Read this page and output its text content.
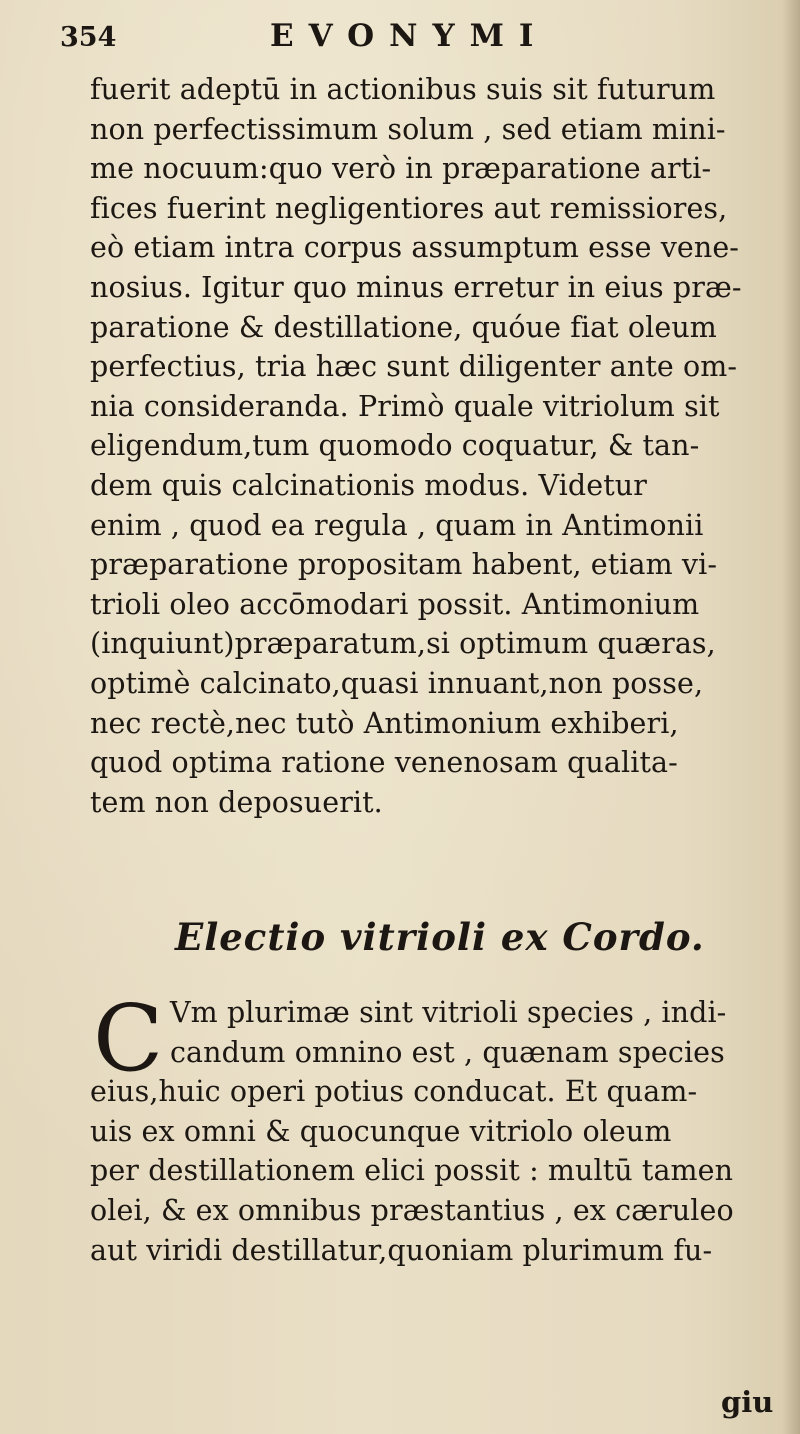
354	EVONYMI
fuerit adeptū in actionibus suis sit futurum
non perfectissimum solum , sed etiam mini-
me nocuum:quo verò in præparatione arti-
fices fuerint negligentiores aut remissiores,
eò etiam intra corpus assumptum esse vene-
nosius. Igitur quo minus erretur in eius præ-
paratione & destillatione, quóue fiat oleum
perfectius, tria hæc sunt diligenter ante om-
nia consideranda. Primò quale vitriolum sit
eligendum,tum quomodo coquatur, & tan-
dem quis calcinationis modus. Videtur
enim , quod ea regula , quam in Antimonii
præparatione propositam habent, etiam vi-
trioli oleo accōmodari possit. Antimonium
(inquiunt)præparatum,si optimum quæras,
optimè calcinato,quasi innuant,non posse,
nec rectè,nec tutò Antimonium exhiberi,
quod optima ratione venenosam qualita-
tem non deposuerit.
Electio vitrioli ex Cordo.
C Vm plurimæ sint vitrioli species , indi-
candum omnino est , quænam species
eius,huic operi potius conducat. Et quam-
uis ex omni & quocunque vitriolo oleum
per destillationem elici possit : multū tamen
olei, & ex omnibus præstantius , ex cæruleo
aut viridi destillatur,quoniam plurimum fu-
giu
